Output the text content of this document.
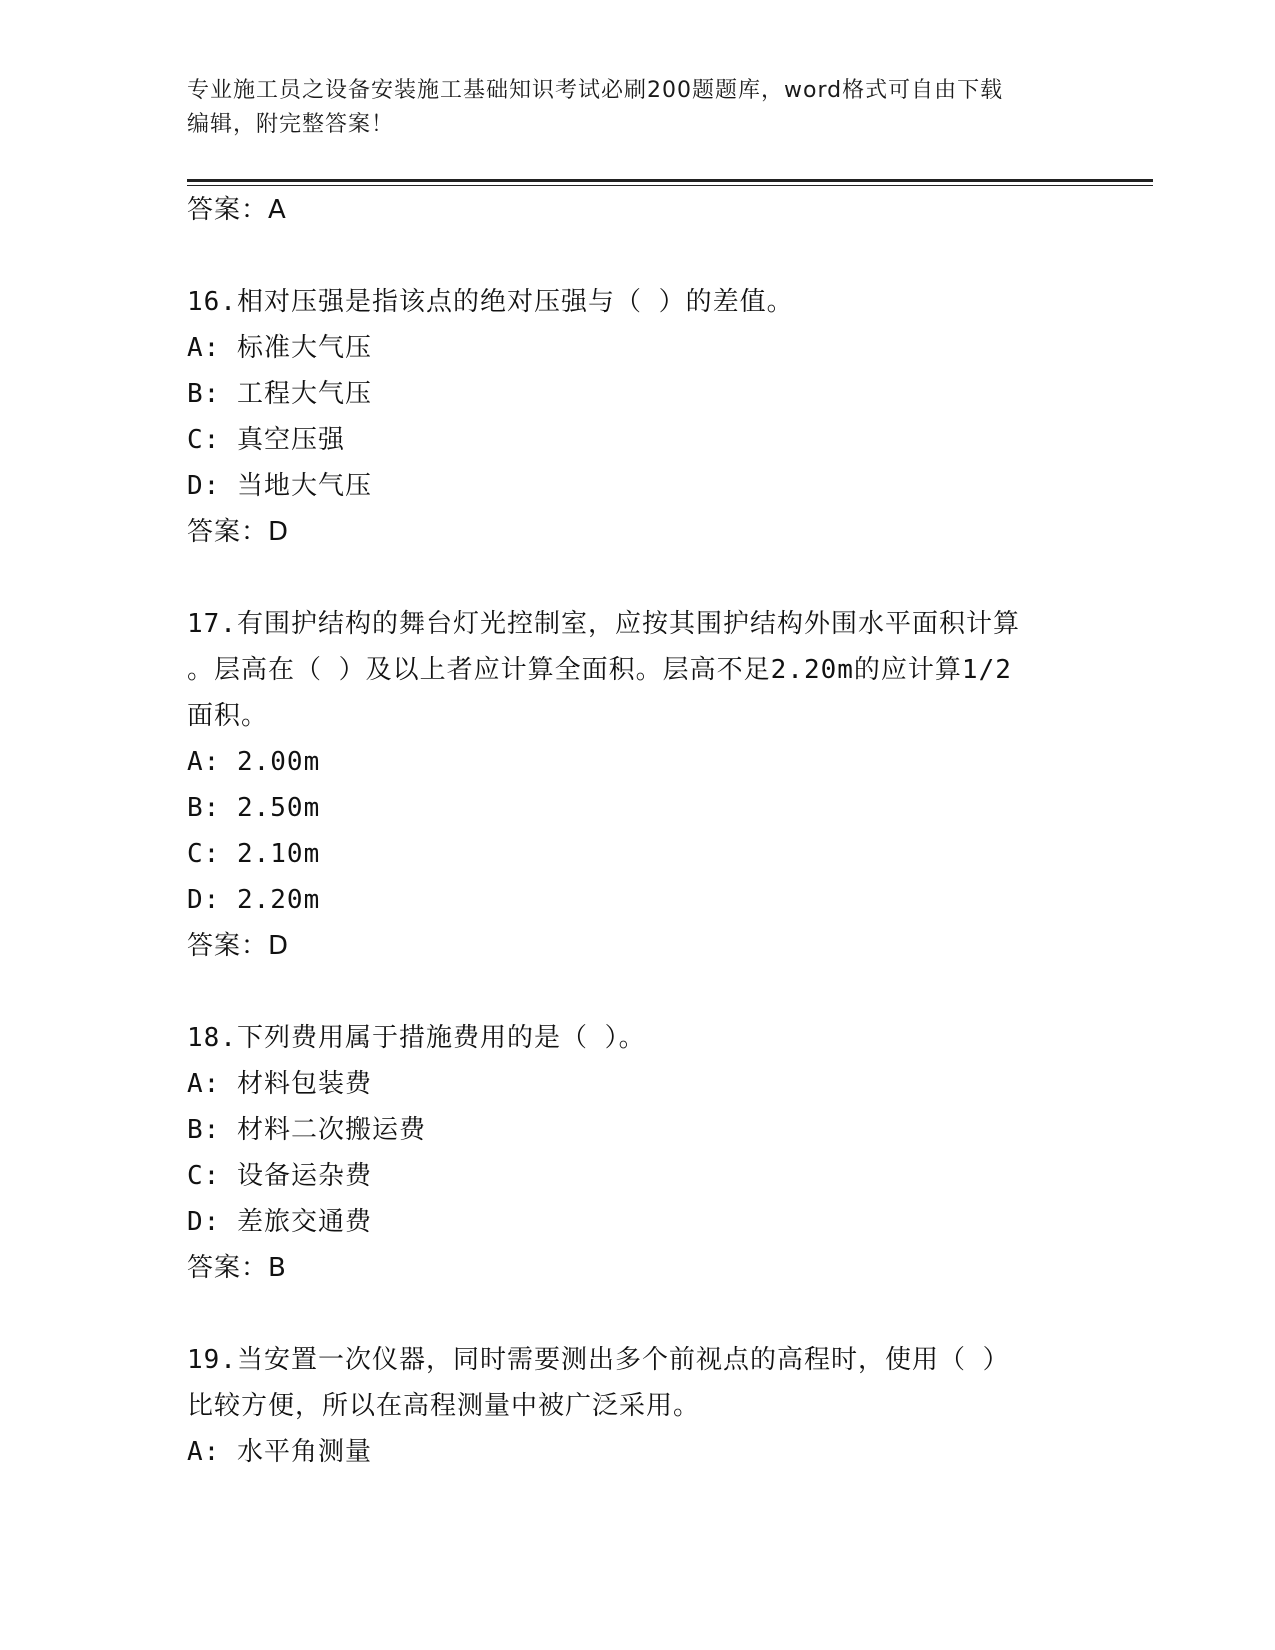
专业施工员之设备安装施工基础知识考试必刷200题题库，word格式可自由下载
编辑，附完整答案！
答案：A
16.相对压强是指该点的绝对压强与（ ）的差值。
A: 标准大气压
B: 工程大气压
C: 真空压强
D: 当地大气压
答案：D
17.有围护结构的舞台灯光控制室，应按其围护结构外围水平面积计算
。层高在（ ）及以上者应计算全面积。层高不足2.20m的应计算1/2
面积。
A: 2.00m
B: 2.50m
C: 2.10m
D: 2.20m
答案：D
18.下列费用属于措施费用的是（ ）。
A: 材料包装费
B: 材料二次搬运费
C: 设备运杂费
D: 差旅交通费
答案：B
19.当安置一次仪器，同时需要测出多个前视点的高程时，使用（ ）
比较方便，所以在高程测量中被广泛采用。
A: 水平角测量
